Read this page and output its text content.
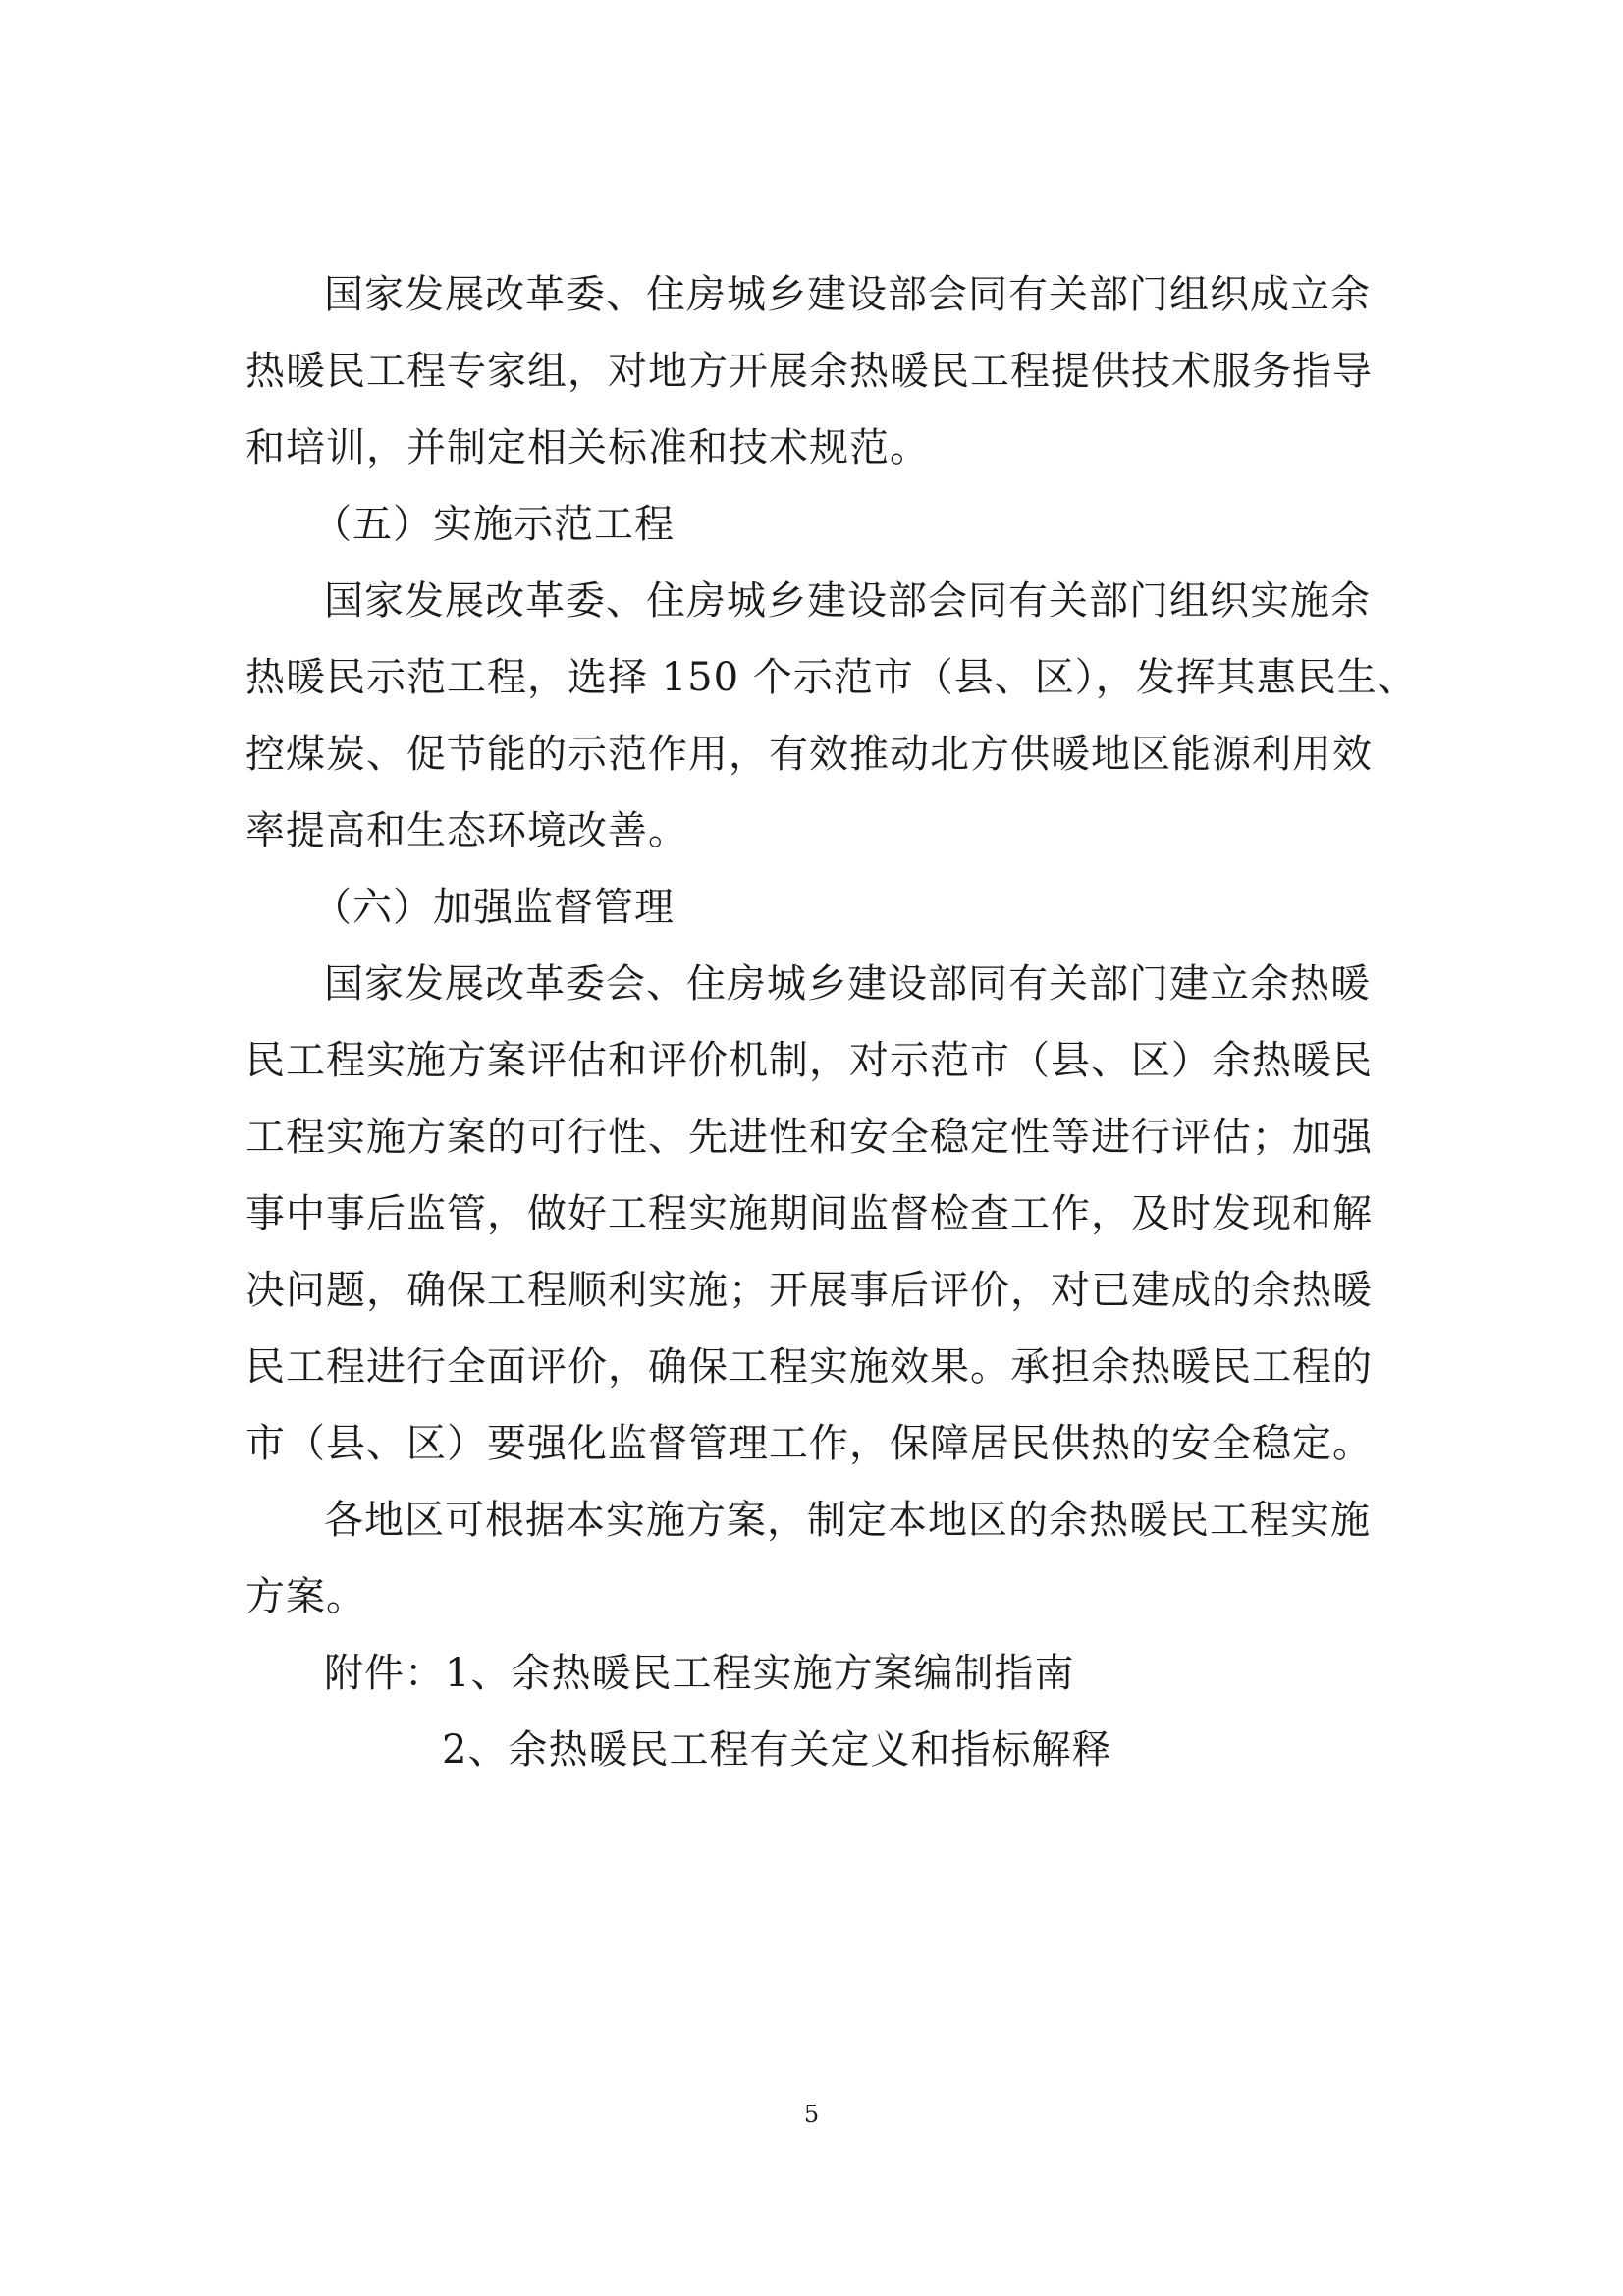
国家发展改革委、住房城乡建设部会同有关部门组织成立余
热暖民工程专家组，对地方开展余热暖民工程提供技术服务指导
和培训，并制定相关标准和技术规范。
（五）实施示范工程
国家发展改革委、住房城乡建设部会同有关部门组织实施余
热暖民示范工程，选择 150 个示范市（县、区），发挥其惠民生、
控煤炭、促节能的示范作用，有效推动北方供暖地区能源利用效
率提高和生态环境改善。
（六）加强监督管理
国家发展改革委会、住房城乡建设部同有关部门建立余热暖
民工程实施方案评估和评价机制，对示范市（县、区）余热暖民
工程实施方案的可行性、先进性和安全稳定性等进行评估；加强
事中事后监管，做好工程实施期间监督检查工作，及时发现和解
决问题，确保工程顺利实施；开展事后评价，对已建成的余热暖
民工程进行全面评价，确保工程实施效果。承担余热暖民工程的
市（县、区）要强化监督管理工作，保障居民供热的安全稳定。
各地区可根据本实施方案，制定本地区的余热暖民工程实施
方案。
附件：1、余热暖民工程实施方案编制指南
2、余热暖民工程有关定义和指标解释
5
